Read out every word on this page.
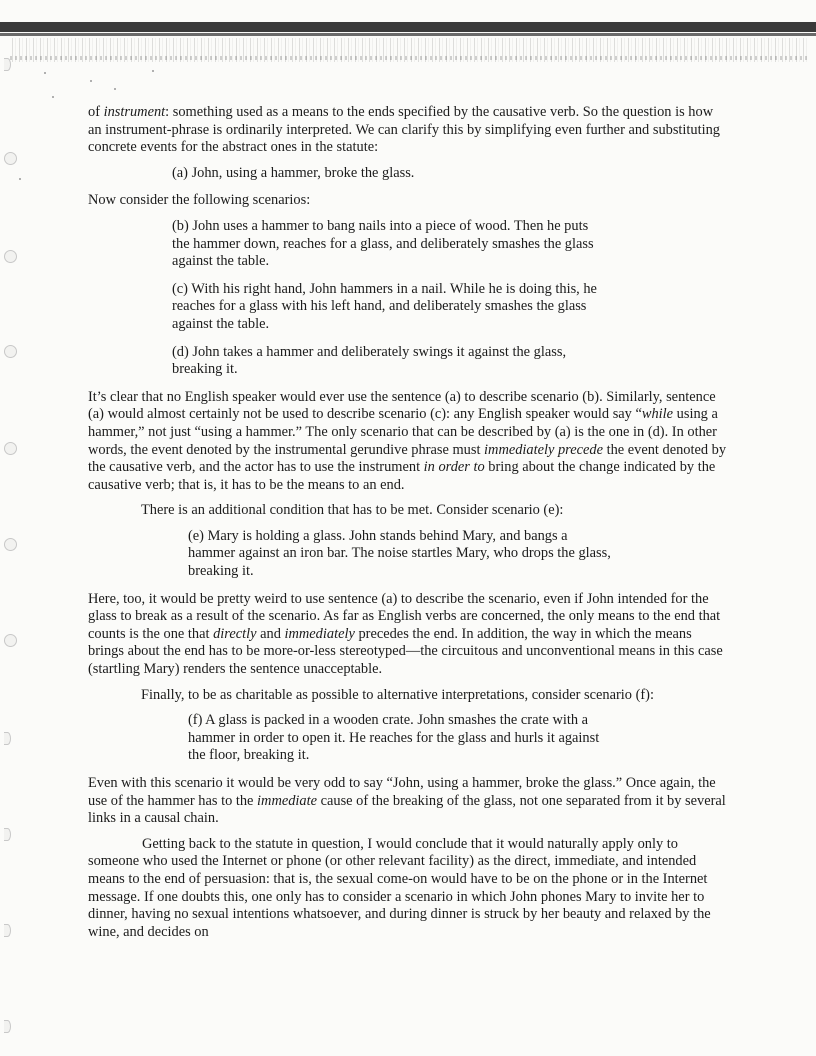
of instrument: something used as a means to the ends specified by the causative verb. So the question is how an instrument-phrase is ordinarily interpreted. We can clarify this by simplifying even further and substituting concrete events for the abstract ones in the statute:

(a) John, using a hammer, broke the glass.

Now consider the following scenarios:

(b) John uses a hammer to bang nails into a piece of wood. Then he puts the hammer down, reaches for a glass, and deliberately smashes the glass against the table.

(c) With his right hand, John hammers in a nail. While he is doing this, he reaches for a glass with his left hand, and deliberately smashes the glass against the table.

(d) John takes a hammer and deliberately swings it against the glass, breaking it.

It’s clear that no English speaker would ever use the sentence (a) to describe scenario (b). Similarly, sentence (a) would almost certainly not be used to describe scenario (c): any English speaker would say “while using a hammer,” not just “using a hammer.” The only scenario that can be described by (a) is the one in (d). In other words, the event denoted by the instrumental gerundive phrase must immediately precede the event denoted by the causative verb, and the actor has to use the instrument in order to bring about the change indicated by the causative verb; that is, it has to be the means to an end.

There is an additional condition that has to be met. Consider scenario (e):

(e) Mary is holding a glass. John stands behind Mary, and bangs a hammer against an iron bar. The noise startles Mary, who drops the glass, breaking it.

Here, too, it would be pretty weird to use sentence (a) to describe the scenario, even if John intended for the glass to break as a result of the scenario. As far as English verbs are concerned, the only means to the end that counts is the one that directly and immediately precedes the end. In addition, the way in which the means brings about the end has to be more-or-less stereotyped—the circuitous and unconventional means in this case (startling Mary) renders the sentence unacceptable.

Finally, to be as charitable as possible to alternative interpretations, consider scenario (f):

(f) A glass is packed in a wooden crate. John smashes the crate with a hammer in order to open it. He reaches for the glass and hurls it against the floor, breaking it.

Even with this scenario it would be very odd to say “John, using a hammer, broke the glass.” Once again, the use of the hammer has to the immediate cause of the breaking of the glass, not one separated from it by several links in a causal chain.

Getting back to the statute in question, I would conclude that it would naturally apply only to someone who used the Internet or phone (or other relevant facility) as the direct, immediate, and intended means to the end of persuasion: that is, the sexual come-on would have to be on the phone or in the Internet message. If one doubts this, one only has to consider a scenario in which John phones Mary to invite her to dinner, having no sexual intentions whatsoever, and during dinner is struck by her beauty and relaxed by the wine, and decides on
